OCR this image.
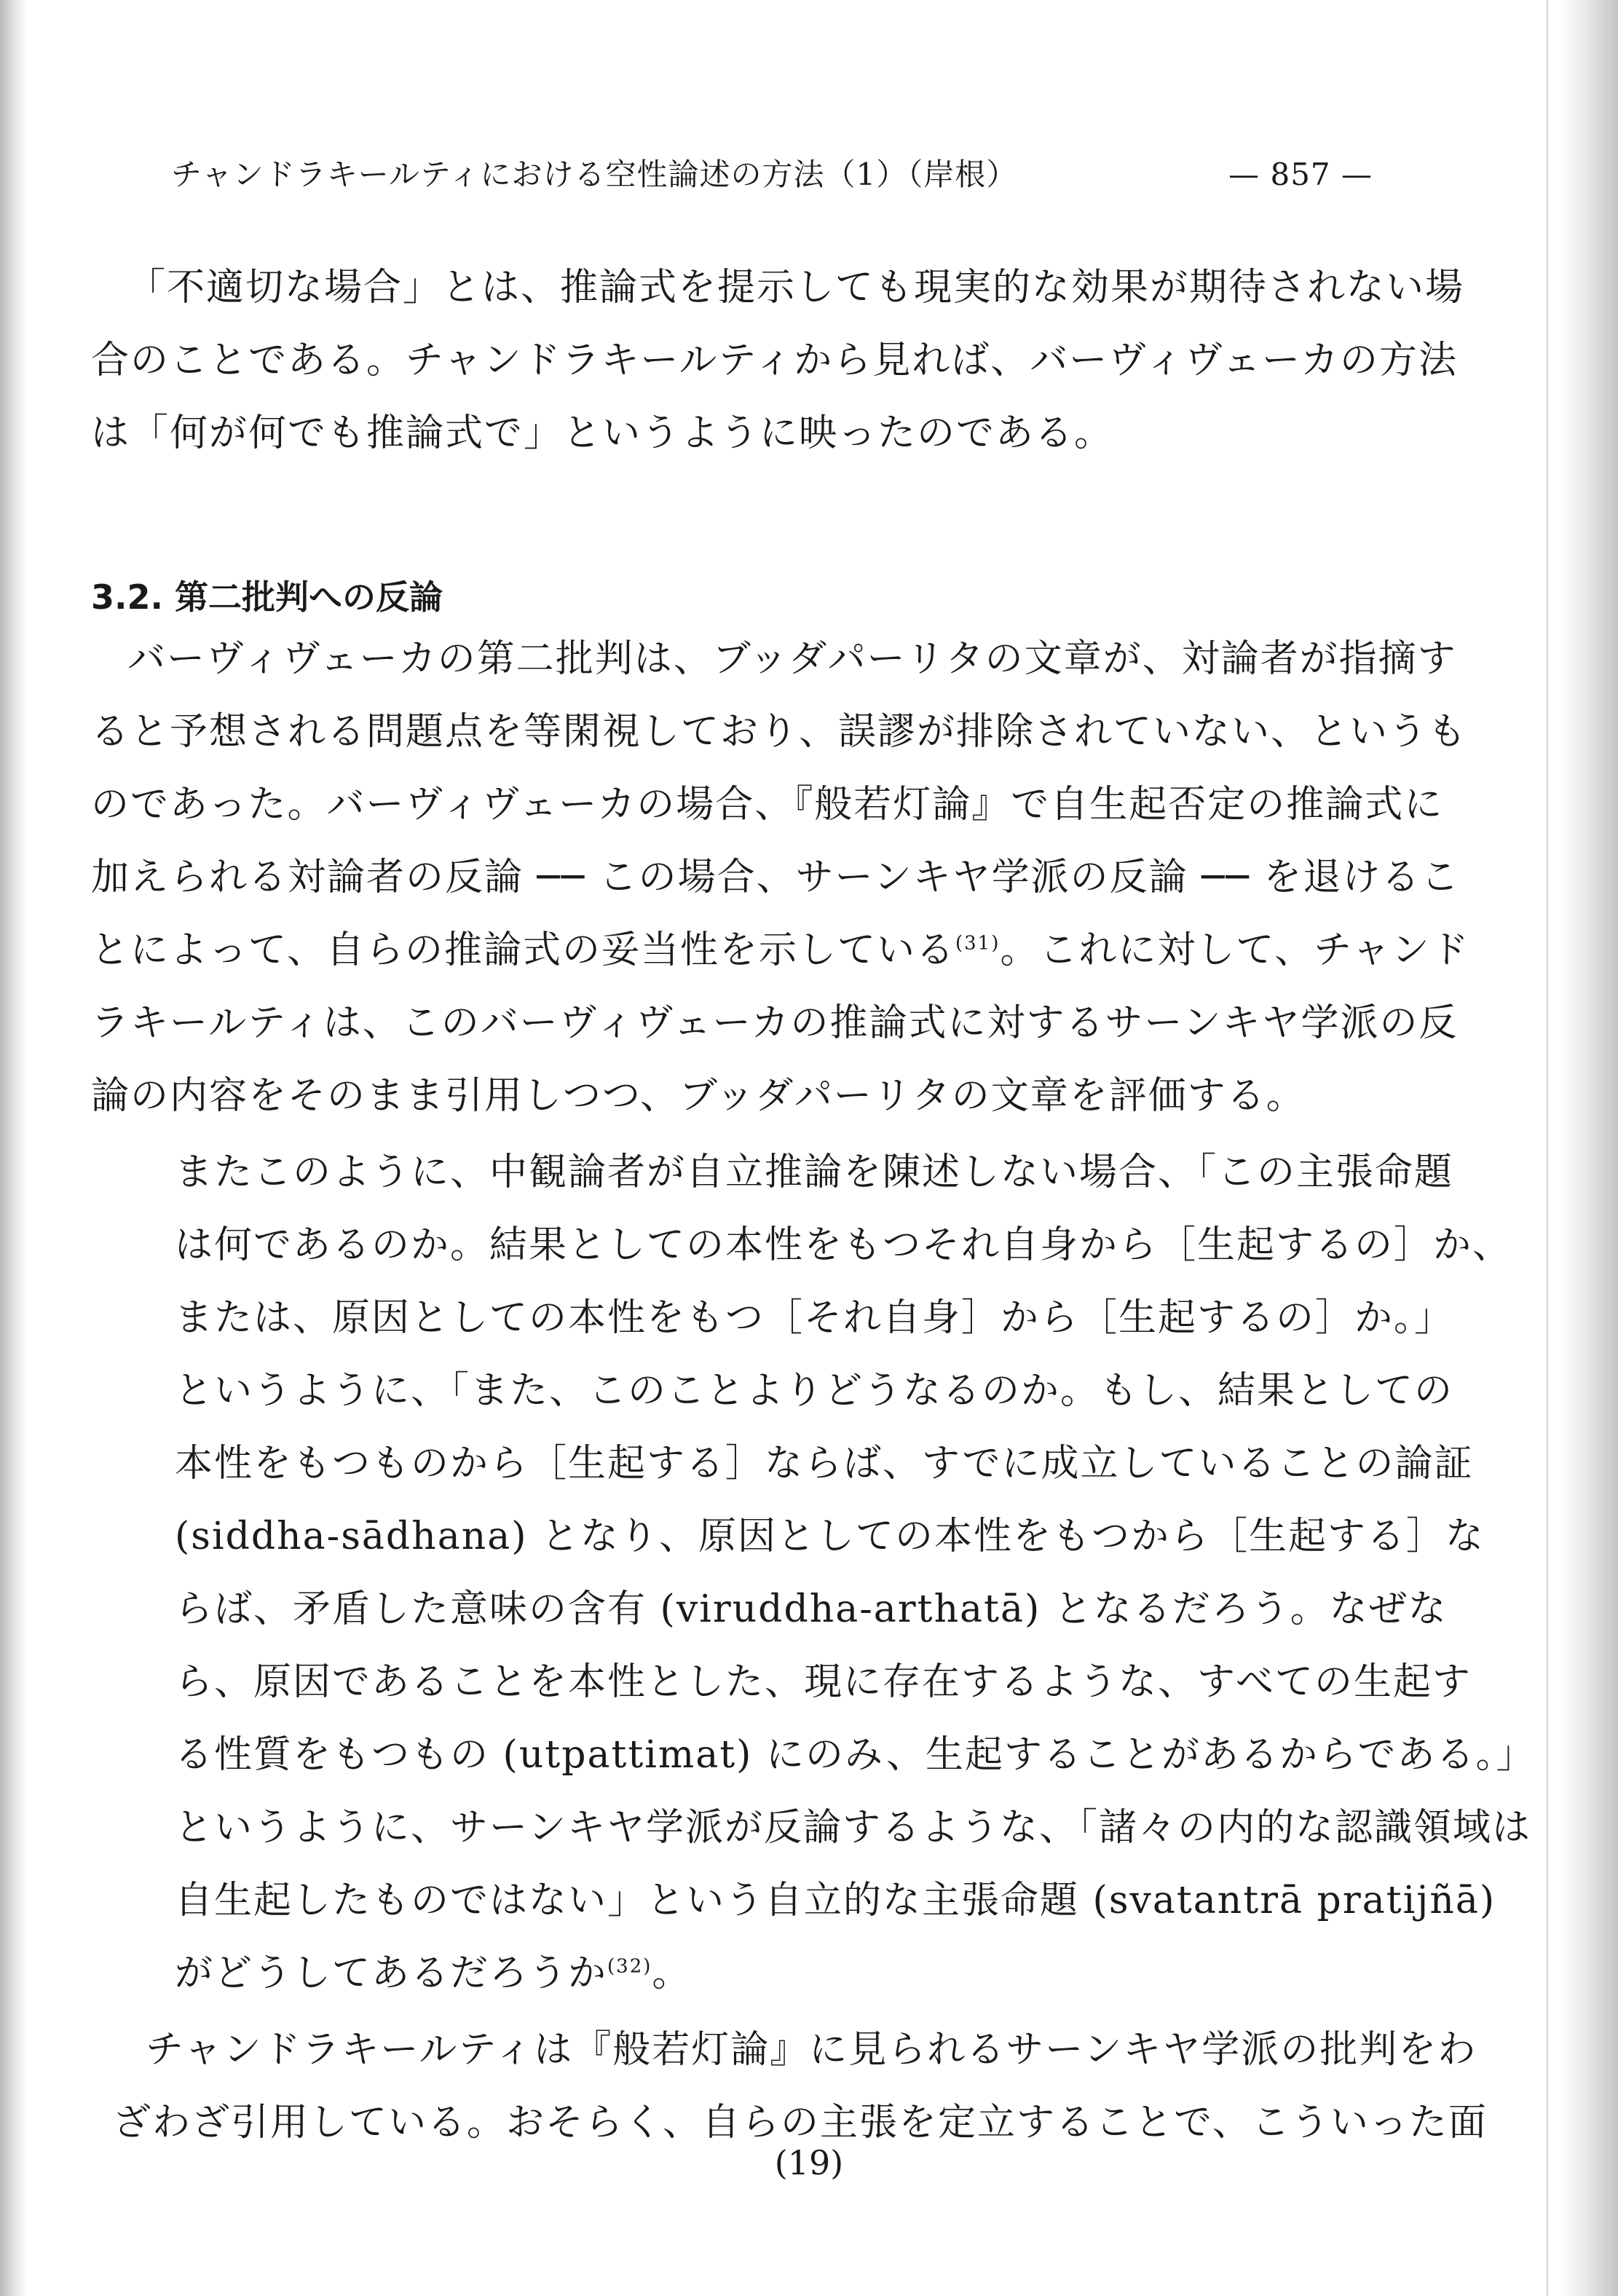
チャンドラキールティにおける空性論述の方法（1）（岸根）	— 857 —
「不適切な場合」とは、推論式を提示しても現実的な効果が期待されない場
合のことである。チャンドラキールティから見れば、バーヴィヴェーカの方法
は「何が何でも推論式で」というように映ったのである。
3.2. 第二批判への反論
バーヴィヴェーカの第二批判は、ブッダパーリタの文章が、対論者が指摘す
ると予想される問題点を等閑視しており、誤謬が排除されていない、というも
のであった。バーヴィヴェーカの場合、『般若灯論』で自生起否定の推論式に
加えられる対論者の反論 ── この場合、サーンキヤ学派の反論 ── を退けるこ
とによって、自らの推論式の妥当性を示している$^{(31)}$。これに対して、チャンド
ラキールティは、このバーヴィヴェーカの推論式に対するサーンキヤ学派の反
論の内容をそのまま引用しつつ、ブッダパーリタの文章を評価する。
またこのように、中観論者が自立推論を陳述しない場合、「この主張命題
は何であるのか。結果としての本性をもつそれ自身から［生起するの］か、
または、原因としての本性をもつ［それ自身］から［生起するの］か。」
というように、「また、このことよりどうなるのか。もし、結果としての
本性をもつものから［生起する］ならば、すでに成立していることの論証
(siddha-sādhana) となり、原因としての本性をもつから［生起する］な
らば、矛盾した意味の含有 (viruddha-arthatā) となるだろう。なぜな
ら、原因であることを本性とした、現に存在するような、すべての生起す
る性質をもつもの (utpattimat) にのみ、生起することがあるからである。」
というように、サーンキヤ学派が反論するような、「諸々の内的な認識領域は
自生起したものではない」という自立的な主張命題 (svatantrā pratijñā)
がどうしてあるだろうか$^{(32)}$。
チャンドラキールティは『般若灯論』に見られるサーンキヤ学派の批判をわ
ざわざ引用している。おそらく、自らの主張を定立することで、こういった面
(19)
